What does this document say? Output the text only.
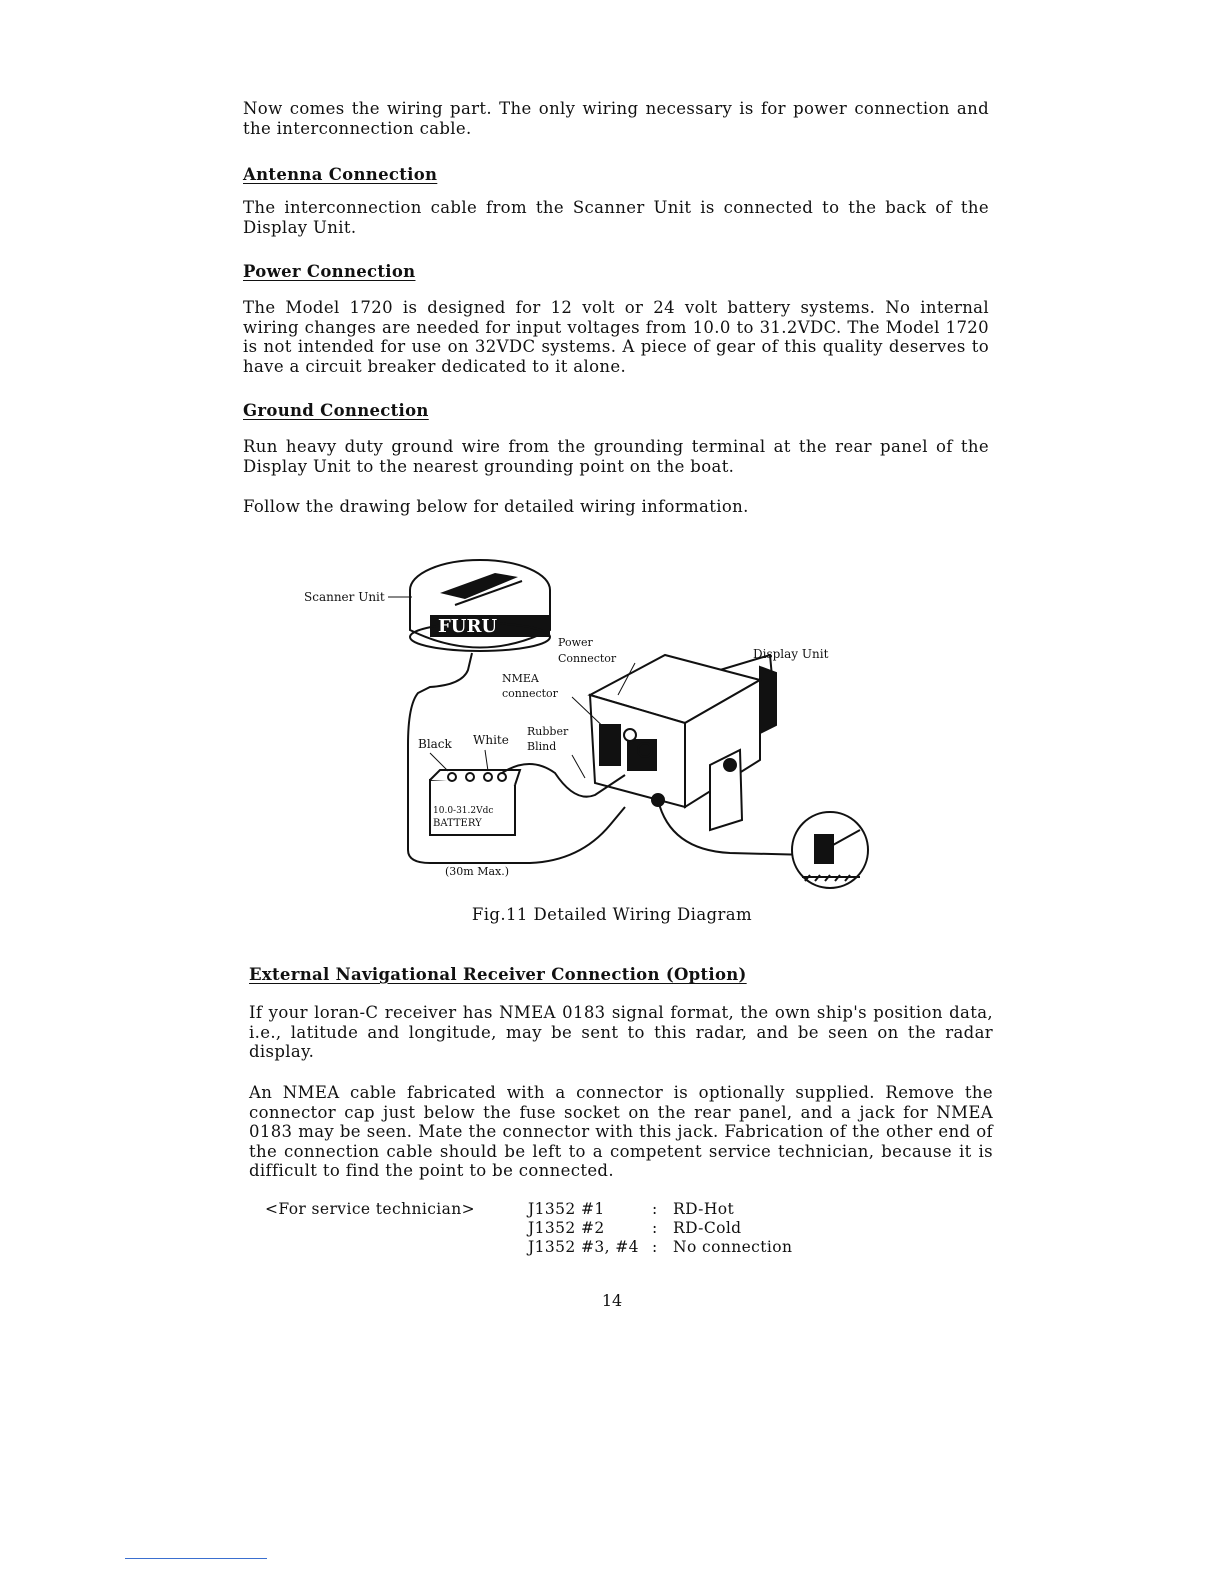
Now comes the wiring part. The only wiring necessary is for power connection and the interconnection cable.

Antenna Connection

The interconnection cable from the Scanner Unit is connected to the back of the Display Unit.

Power Connection

The Model 1720 is designed for 12 volt or 24 volt battery systems. No internal wiring changes are needed for input voltages from 10.0 to 31.2VDC. The Model 1720 is not intended for use on 32VDC systems. A piece of gear of this quality deserves to have a circuit breaker dedicated to it alone.

Ground Connection

Run heavy duty ground wire from the grounding terminal at the rear panel of the Display Unit to the nearest grounding point on the boat.

Follow the drawing below for detailed wiring information.

FURU
Scanner Unit
(30m Max.)
Display Unit
Power
Connector
NMEA
connector
Rubber
Blind
10.0-31.2Vdc
BATTERY
Black White

Fig.11 Detailed Wiring Diagram

External Navigational Receiver Connection (Option)

If your loran-C receiver has NMEA 0183 signal format, the own ship's position data, i.e., latitude and longitude, may be sent to this radar, and be seen on the radar display.

An NMEA cable fabricated with a connector is optionally supplied. Remove the connector cap just below the fuse socket on the rear panel, and a jack for NMEA 0183 may be seen. Mate the connector with this jack. Fabrication of the other end of the connection cable should be left to a competent service technician, because it is difficult to find the point to be connected.

<For service technician>	J1352 #1	: RD-Hot
J1352 #2	: RD-Cold
J1352 #3, #4 : No connection
14
